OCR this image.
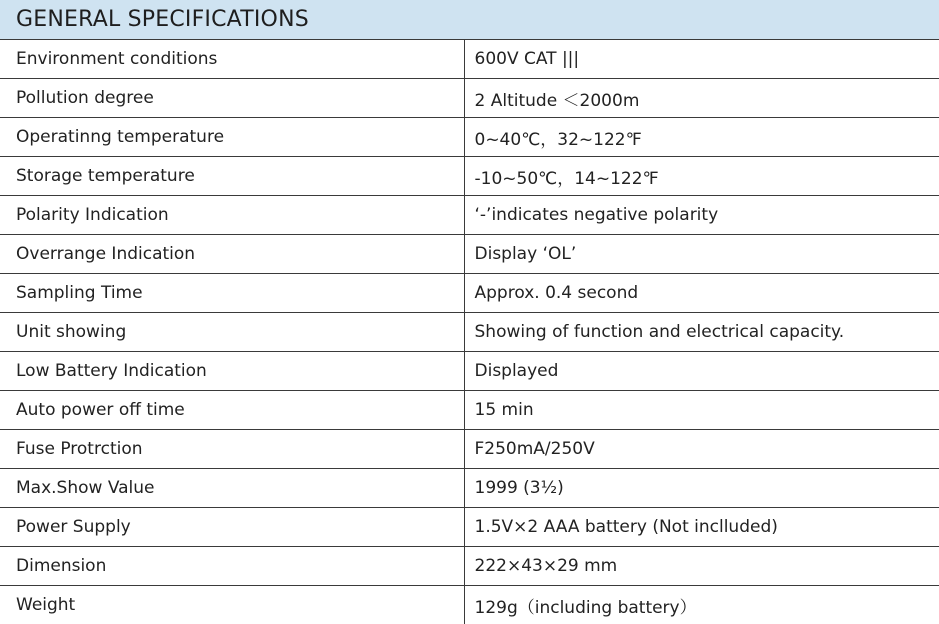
GENERAL SPECIFICATIONS
Environment conditions	600V CAT |||
Pollution degree	2 Altitude ＜2000m
Operatinng temperature	0~40℃，32~122℉
Storage temperature	-10~50℃，14~122℉
Polarity Indication	‘-’indicates negative polarity
Overrange Indication	Display ‘OL’
Sampling Time	Approx. 0.4 second
Unit showing	Showing of function and electrical capacity.
Low Battery Indication	Displayed
Auto power off time	15 min
Fuse Protrction	F250mA/250V
Max.Show Value	1999 (3½)
Power Supply	1.5V×2 AAA battery (Not inclluded)
Dimension	222×43×29 mm
Weight	129g（including battery）
